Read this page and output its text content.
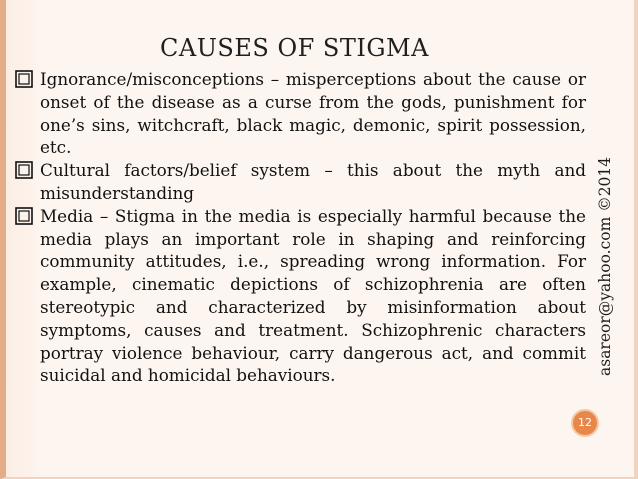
CAUSES OF STIGMA
Ignorance/misconceptions – misperceptions about the cause or onset of the disease as a curse from the gods, punishment for one’s sins, witchcraft, black magic, demonic, spirit possession, etc.
Cultural factors/belief system – this about the myth and misunderstanding
Media – Stigma in the media is especially harmful because the media plays an important role in shaping and reinforcing community attitudes, i.e., spreading wrong information. For example, cinematic depictions of schizophrenia are often stereotypic and characterized by misinformation about symptoms, causes and treatment. Schizophrenic characters portray violence behaviour, carry dangerous act, and commit suicidal and homicidal behaviours.	asareor@yahoo.com ©2014
12
